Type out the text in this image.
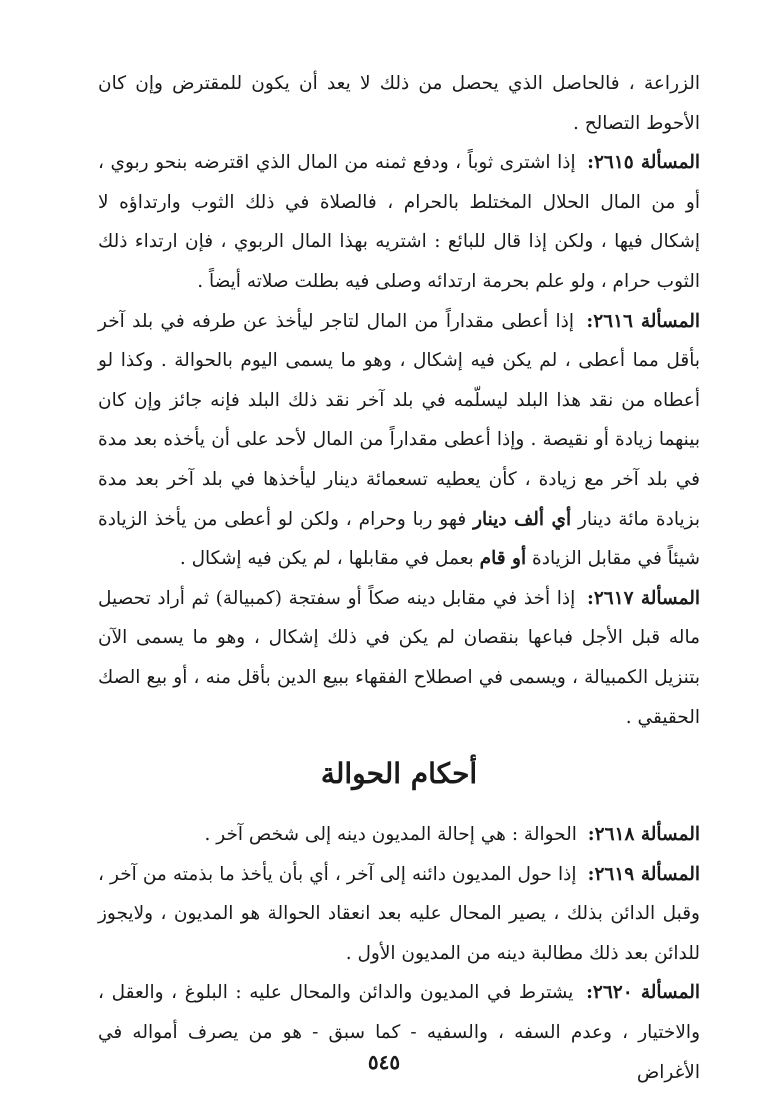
الزراعة ، فالحاصل الذي يحصل من ذلك لا يعد أن يكون للمقترض وإن كان الأحوط التصالح .

المسألة ٢٦١٥: إذا اشترى ثوباً ، ودفع ثمنه من المال الذي اقترضه بنحو ربوي ، أو من المال الحلال المختلط بالحرام ، فالصلاة في ذلك الثوب وارتداؤه لا إشكال فيها ، ولكن إذا قال للبائع : اشتريه بهذا المال الربوي ، فإن ارتداء ذلك الثوب حرام ، ولو علم بحرمة ارتدائه وصلى فيه بطلت صلاته أيضاً .

المسألة ٢٦١٦: إذا أعطى مقداراً من المال لتاجر ليأخذ عن طرفه في بلد آخر بأقل مما أعطى ، لم يكن فيه إشكال ، وهو ما يسمى اليوم بالحوالة . وكذا لو أعطاه من نقد هذا البلد ليسلّمه في بلد آخر نقد ذلك البلد فإنه جائز وإن كان بينهما زيادة أو نقيصة . وإذا أعطى مقداراً من المال لأحد على أن يأخذه بعد مدة في بلد آخر مع زيادة ، كأن يعطيه تسعمائة دينار ليأخذها في بلد آخر بعد مدة بزيادة مائة دينار أي ألف دينار فهو ربا وحرام ، ولكن لو أعطى من يأخذ الزيادة شيئاً في مقابل الزيادة أو قام بعمل في مقابلها ، لم يكن فيه إشكال .

المسألة ٢٦١٧: إذا أخذ في مقابل دينه صكاً أو سفتجة (كمبيالة) ثم أراد تحصيل ماله قبل الأجل فباعها بنقصان لم يكن في ذلك إشكال ، وهو ما يسمى الآن بتنزيل الكمبيالة ، ويسمى في اصطلاح الفقهاء ببيع الدين بأقل منه ، أو بيع الصك الحقيقي .

أحكام الحوالة

المسألة ٢٦١٨: الحوالة : هي إحالة المديون دينه إلى شخص آخر .

المسألة ٢٦١٩: إذا حول المديون دائنه إلى آخر ، أي بأن يأخذ ما بذمته من آخر ، وقبل الدائن بذلك ، يصير المحال عليه بعد انعقاد الحوالة هو المديون ، ولايجوز للدائن بعد ذلك مطالبة دينه من المديون الأول .

المسألة ٢٦٢٠: يشترط في المديون والدائن والمحال عليه : البلوغ ، والعقل ، والاختيار ، وعدم السفه ، والسفيه - كما سبق - هو من يصرف أمواله في الأغراض

٥٤٥
